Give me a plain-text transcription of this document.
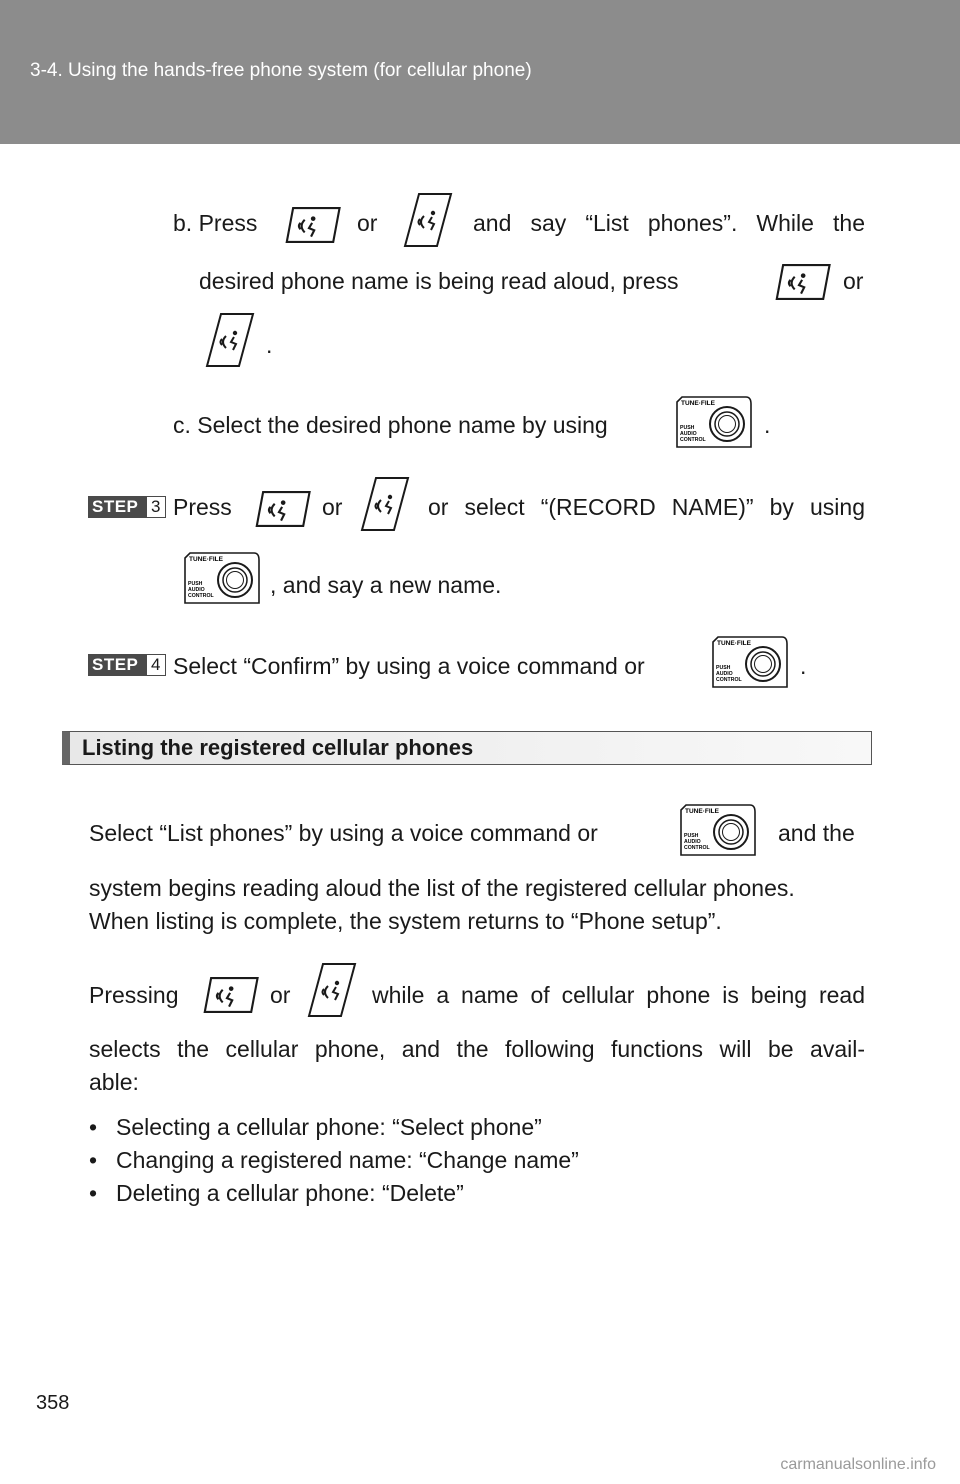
3-4. Using the hands-free phone system (for cellular phone)
b. Press	or	and say “List phones”. While the
desired phone name is being read aloud, press	or
.
c. Select the desired phone name by using
TUNE·FILE
PUSH
AUDIO
CONTROL
.
STEP 3 Press	or	or select “(RECORD NAME)” by using
TUNE·FILE
PUSH
AUDIO
CONTROL , and say a new name.
STEP 4 Select “Confirm” by using a voice command or
TUNE·FILE
PUSH
AUDIO
CONTROL
.
Listing the registered cellular phones
Select “List phones” by using a voice command or
TUNE·FILE
PUSH
AUDIO
CONTROL
and the
system begins reading aloud the list of the registered cellular phones.
When listing is complete, the system returns to “Phone setup”.
Pressing	or	while a name of cellular phone is being read
selects the cellular phone, and the following functions will be avail-
able:
• Selecting a cellular phone: “Select phone”
• Changing a registered name: “Change name”
• Deleting a cellular phone: “Delete”
358
carmanualsonline.info
